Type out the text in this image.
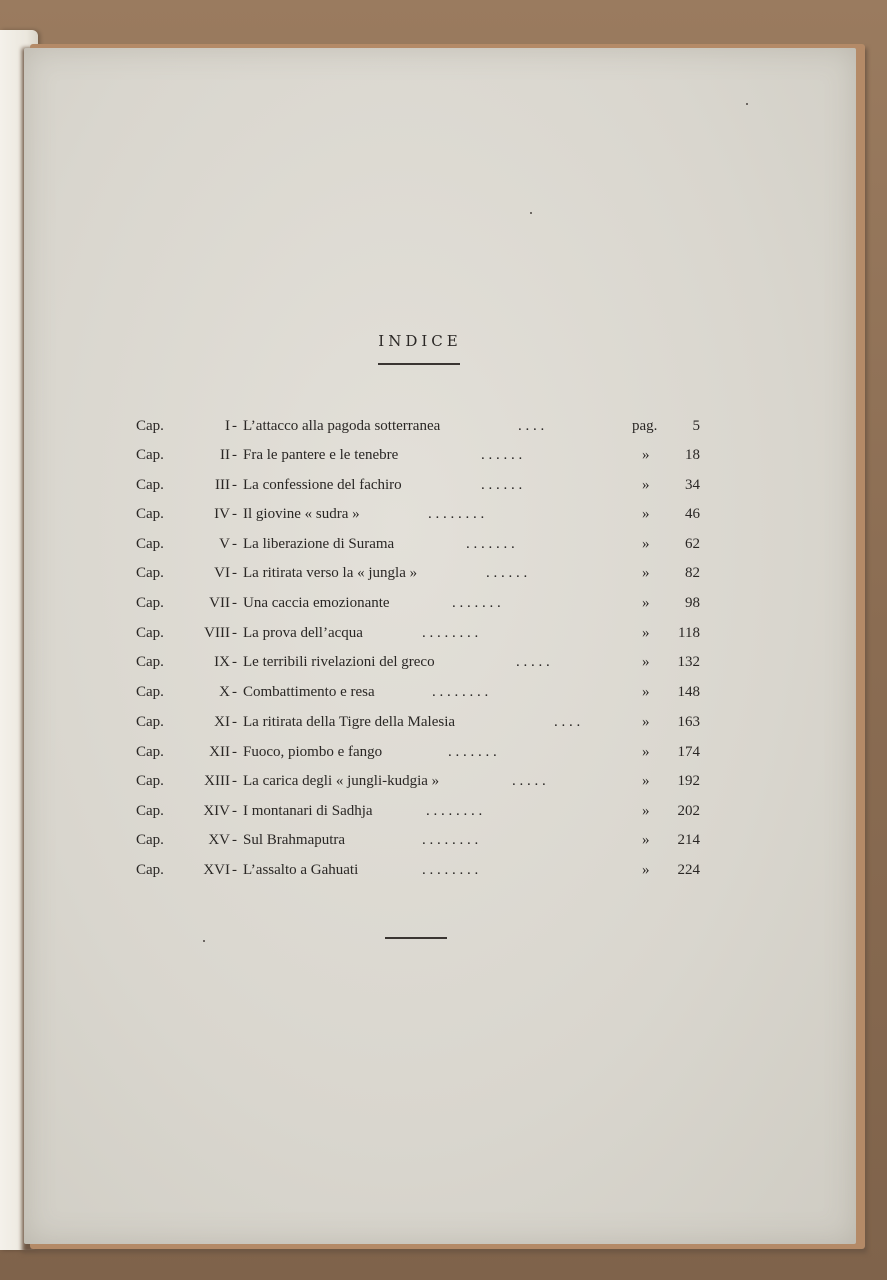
INDICE
Cap.	I - L’attacco alla pagoda sotterranea	. . . .	pag. 5
Cap.	II - Fra le pantere e le tenebre	. . . . . .	» 18
Cap.	III - La confessione del fachiro	. . . . . .	» 34
Cap.	IV - Il giovine « sudra »	. . . . . . . .	» 46
Cap.	V - La liberazione di Surama	. . . . . . .	» 62
Cap.	VI - La ritirata verso la « jungla »	. . . . . .	» 82
Cap.	VII - Una caccia emozionante	. . . . . . .	» 98
Cap.	VIII - La prova dell’acqua	. . . . . . . .	» 118
Cap.	IX - Le terribili rivelazioni del greco	. . . . .	» 132
Cap.	X - Combattimento e resa	. . . . . . . .	» 148
Cap.	XI - La ritirata della Tigre della Malesia	. . . .	» 163
Cap.	XII - Fuoco, piombo e fango	. . . . . . .	» 174
Cap.	XIII - La carica degli « jungli-kudgia »	. . . . .	» 192
Cap.	XIV - I montanari di Sadhja	. . . . . . . .	» 202
Cap.	XV - Sul Brahmaputra	. . . . . . . .	» 214
Cap.	XVI - L’assalto a Gahuati	. . . . . . . .	» 224
